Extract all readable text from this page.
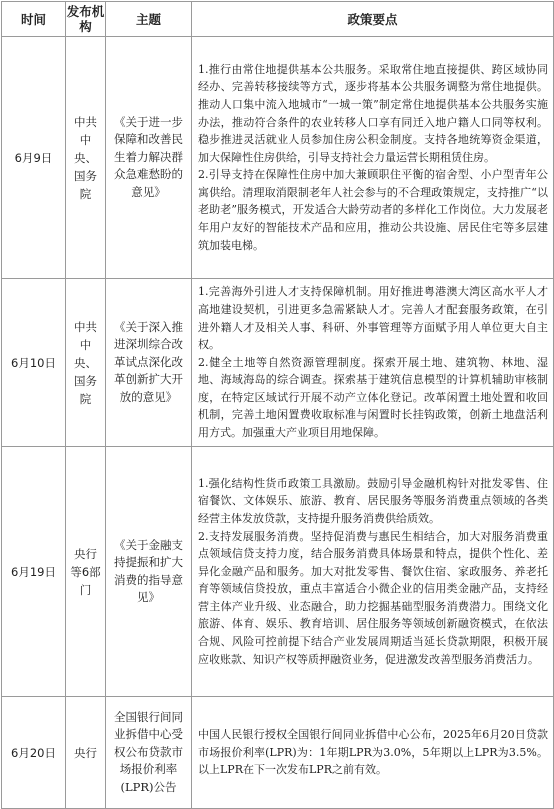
时间	发布机构	主题	政策要点
6月9日	中共中央、国务院	《关于进一步保障和改善民生着力解决群众急难愁盼的意见》	1.推行由常住地提供基本公共服务。采取常住地直接提供、跨区域协同经办、完善转移接续等方式，逐步将基本公共服务调整为常住地提供。推动人口集中流入地城市“一城一策”制定常住地提供基本公共服务实施办法，推动符合条件的农业转移人口享有同迁入地户籍人口同等权利。稳步推进灵活就业人员参加住房公积金制度。支持各地统筹资金渠道，加大保障性住房供给，引导支持社会力量运营长期租赁住房。
2.引导支持在保障性住房中加大兼顾职住平衡的宿舍型、小户型青年公寓供给。清理取消限制老年人社会参与的不合理政策规定，支持推广“以老助老”服务模式，开发适合大龄劳动者的多样化工作岗位。大力发展老年用户友好的智能技术产品和应用，推动公共设施、居民住宅等多层建筑加装电梯。

6月10日	中共中央、国务院	《关于深入推进深圳综合改革试点深化改革创新扩大开放的意见》	1.完善海外引进人才支持保障机制。用好推进粤港澳大湾区高水平人才高地建设契机，引进更多急需紧缺人才。完善人才配套服务政策，在引进外籍人才及相关人事、科研、外事管理等方面赋予用人单位更大自主权。
2.健全土地等自然资源管理制度。探索开展土地、建筑物、林地、湿地、海域海岛的综合调查。探索基于建筑信息模型的计算机辅助审核制度，在特定区域试行开展不动产立体化登记。改革闲置土地处置和收回机制，完善土地闲置费收取标准与闲置时长挂钩政策，创新土地盘活利用方式。加强重大产业项目用地保障。

6月19日	央行等6部门	《关于金融支持提振和扩大消费的指导意见》	1.强化结构性货币政策工具激励。鼓励引导金融机构针对批发零售、住宿餐饮、文体娱乐、旅游、教育、居民服务等服务消费重点领域的各类经营主体发放贷款，支持提升服务消费供给质效。
2.支持发展服务消费。坚持促消费与惠民生相结合，加大对服务消费重点领域信贷支持力度，结合服务消费具体场景和特点，提供个性化、差异化金融产品和服务。加大对批发零售、餐饮住宿、家政服务、养老托育等领域信贷投放，重点丰富适合小微企业的信用类金融产品，支持经营主体产业升级、业态融合，助力挖掘基础型服务消费潜力。围绕文化旅游、体育、娱乐、教育培训、居住服务等领域创新融资模式，在依法合规、风险可控前提下结合产业发展周期适当延长贷款期限，积极开展应收账款、知识产权等质押融资业务，促进激发改善型服务消费活力。

6月20日	央行	全国银行间同业拆借中心受权公布贷款市场报价利率(LPR)公告	中国人民银行授权全国银行间同业拆借中心公布，2025年6月20日贷款市场报价利率(LPR)为：1年期LPR为3.0%，5年期以上LPR为3.5%。以上LPR在下一次发布LPR之前有效。
